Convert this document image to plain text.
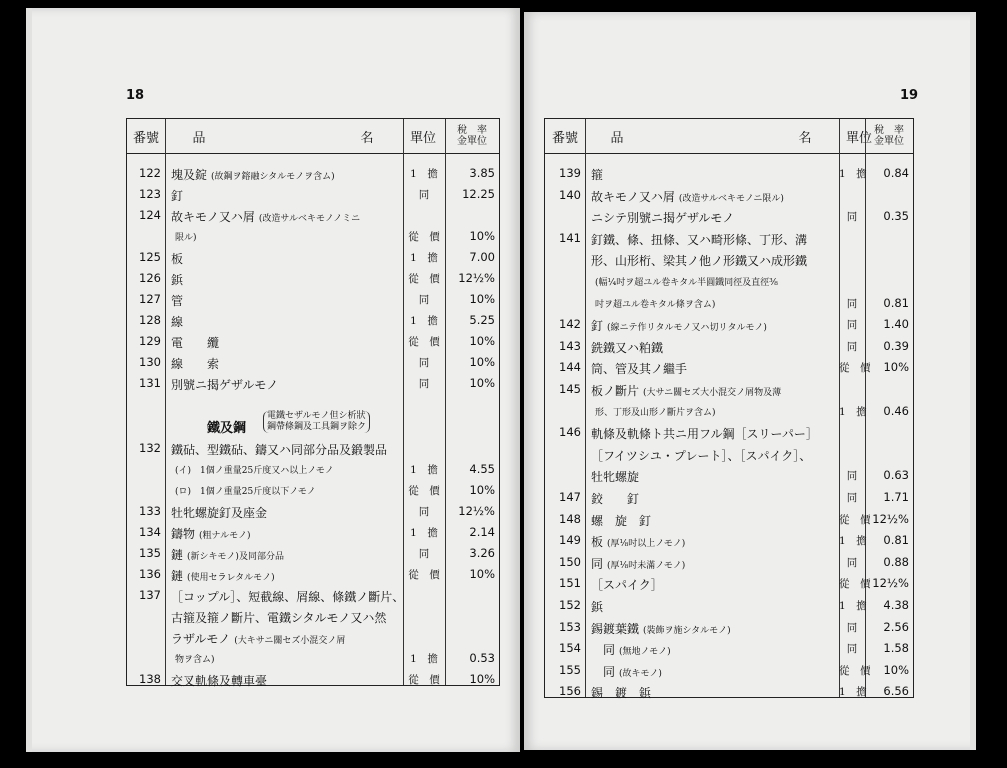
18
番號	品	名	單位	稅　率
金單位
鐵及鋼
電鐵セザルモノ但シ析狀
鋼帶條鋼及工具鋼ヲ除ク
122 塊及錠 (故鋼ヲ鎔融シタルモノヲ含ム)	1　擔	3.85
123 釘	同	12.25
124 故キモノ又ハ屑 (改造サルベキモノノミニ
限ル)	從　價	10%
125 板	1　擔	7.00
126 鋲	從　價	12½%
127 管	同	10%
128 線	1　擔	5.25
129 電　　纜	從　價	10%
130 線　　索	同	10%
131 別號ニ揭ゲザルモノ	同	10%
132 鐵砧、型鐵砧、鑄又ハ同部分品及鍛製品
(イ)　1個ノ重量25斤度又ハ以上ノモノ	1　擔	4.55
(ロ)　1個ノ重量25斤度以下ノモノ	從　價	10%
133 牡牝螺旋釘及座金	同	12½%
134 鑄物 (粗ナルモノ)	1　擔	2.14
135 鏈 (新シキモノ)及同部分品	同	3.26
136 鏈 (使用セラレタルモノ)	從　價	10%
137 ［コップル］、短截線、屑線、條鐵ノ斷片、
古箍及箍ノ斷片、電鐵シタルモノ又ハ然
ラザルモノ (大キサニ關セズ小混交ノ屑
物ヲ含ム)	1　擔	0.53
138 交叉軌條及轉車臺	從　價	10%
19
番號	品	名	單位 稅　率
金單位
139 箍	1　擔	0.84
140 故キモノ又ハ屑 (改造サルベキモノニ限ル)
ニシテ別號ニ揭ゲザルモノ	同	0.35
141 釘鐵、條、扭條、又ハ畸形條、丁形、溝
形、山形桁、梁其ノ他ノ形鐵又ハ成形鐵
(幅¼吋ヲ超ユル卷キタル半圓鐵同徑及直徑⅜
吋ヲ超ユル卷キタル條ヲ含ム)	同	0.81
142 釘 (線ニテ作リタルモノ又ハ切リタルモノ)	同	1.40
143 銑鐵又ハ粕鐵	同	0.39
144 筒、管及其ノ繼手	從　價	10%
145 板ノ斷片 (大サニ關セズ大小混交ノ屑物及薄
形、丁形及山形ノ斷片ヲ含ム)	1　擔	0.46
146 軌條及軌條ト共ニ用フル鋼［スリーパー］
［フイツシユ・プレート］、［スパイク］、
牡牝螺旋	同	0.63
147 鉸　　釘	同	1.71
148 螺　旋　釘	從　價 12½%
149 板 (厚⅛吋以上ノモノ)	1　擔	0.81
150 同 (厚⅛吋未滿ノモノ)	同	0.88
151 ［スパイク］	從　價 12½%
152 鋲	1　擔	4.38
153 錫鍍葉鐵 (裝飾ヲ施シタルモノ)	同	2.56
154 　同 (無地ノモノ)	同	1.58
155 　同 (故キモノ)	從　價	10%
156 錫　鍍　鋲	1　擔	6.56
